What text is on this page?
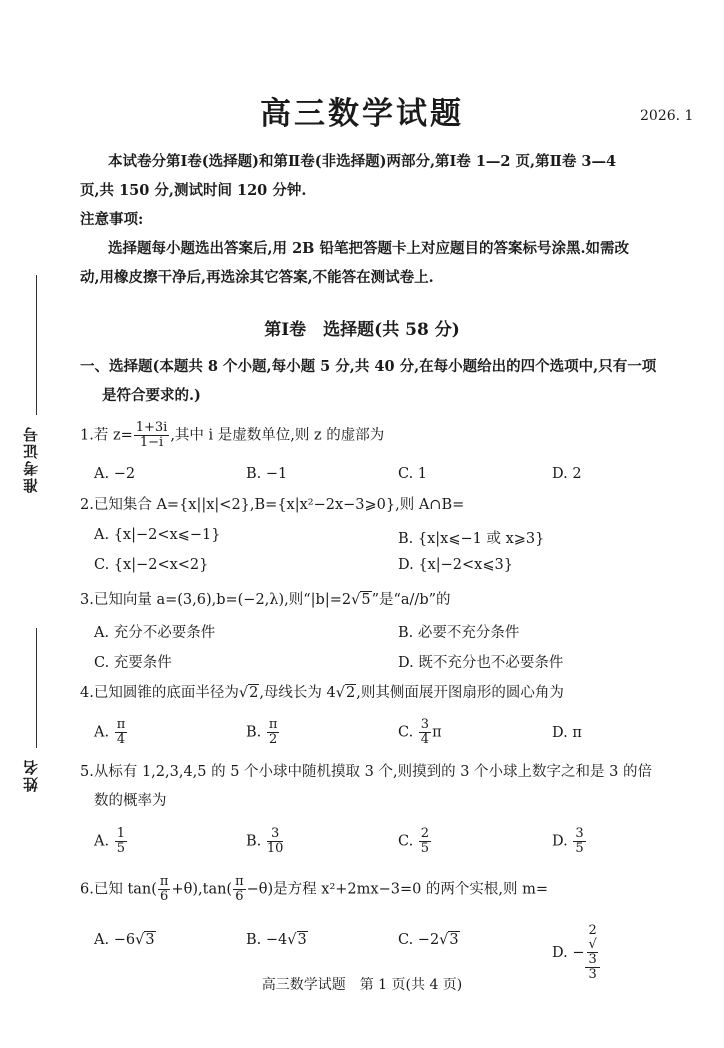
准考证号
姓名
高三数学试题	2026. 1
本试卷分第Ⅰ卷(选择题)和第Ⅱ卷(非选择题)两部分,第Ⅰ卷 1—2 页,第Ⅱ卷 3—4
页,共 150 分,测试时间 120 分钟.
注意事项:
选择题每小题选出答案后,用 2B 铅笔把答题卡上对应题目的答案标号涂黑.如需改
动,用橡皮擦干净后,再选涂其它答案,不能答在测试卷上.
第Ⅰ卷　选择题(共 58 分)
一、选择题(本题共 8 个小题,每小题 5 分,共 40 分,在每小题给出的四个选项中,只有一项
是符合要求的.)
1.若 $z= \frac{1+3i}{1-i}$ ,其中 i 是虚数单位,则 z 的虚部为
A. −2	B. −1	C. 1	D. 2
2.已知集合 A={x||x|<2},B={x|x²−2x−3⩾0},则 A∩B=
A. {x|−2<x⩽−1}	B. {x|x⩽−1 或 x⩾3}
C. {x|−2<x<2}	D. {x|−2<x⩽3}
3.已知向量 a=(3,6),b=(−2,λ),则“|b|=2√5”是“a//b”的
A. 充分不必要条件	B. 必要不充分条件
C. 充要条件	D. 既不充分也不必要条件
4.已知圆锥的底面半径为√2,母线长为 4√2,则其侧面展开图扇形的圆心角为
A. $\frac{\pi}{4}$	B. $\frac{\pi}{2}$	C. $\frac{3}{4}$ π	D. π
5.从标有 1,2,3,4,5 的 5 个小球中随机摸取 3 个,则摸到的 3 个小球上数字之和是 3 的倍
数的概率为
A. $\frac{1}{5}$	B. $\frac{3}{10}$	C. $\frac{2}{5}$	D. $\frac{3}{5}$
6.已知 $\tan( \frac{\pi}{6} +\theta),\tan( \frac{\pi}{6} -\theta)$是方程 x²+2mx−3=0 的两个实根,则 m=
A. −6√3	B. −4√3	C. −2√3
D. − 2
√
3
3
高三数学试题　第 1 页(共 4 页)
